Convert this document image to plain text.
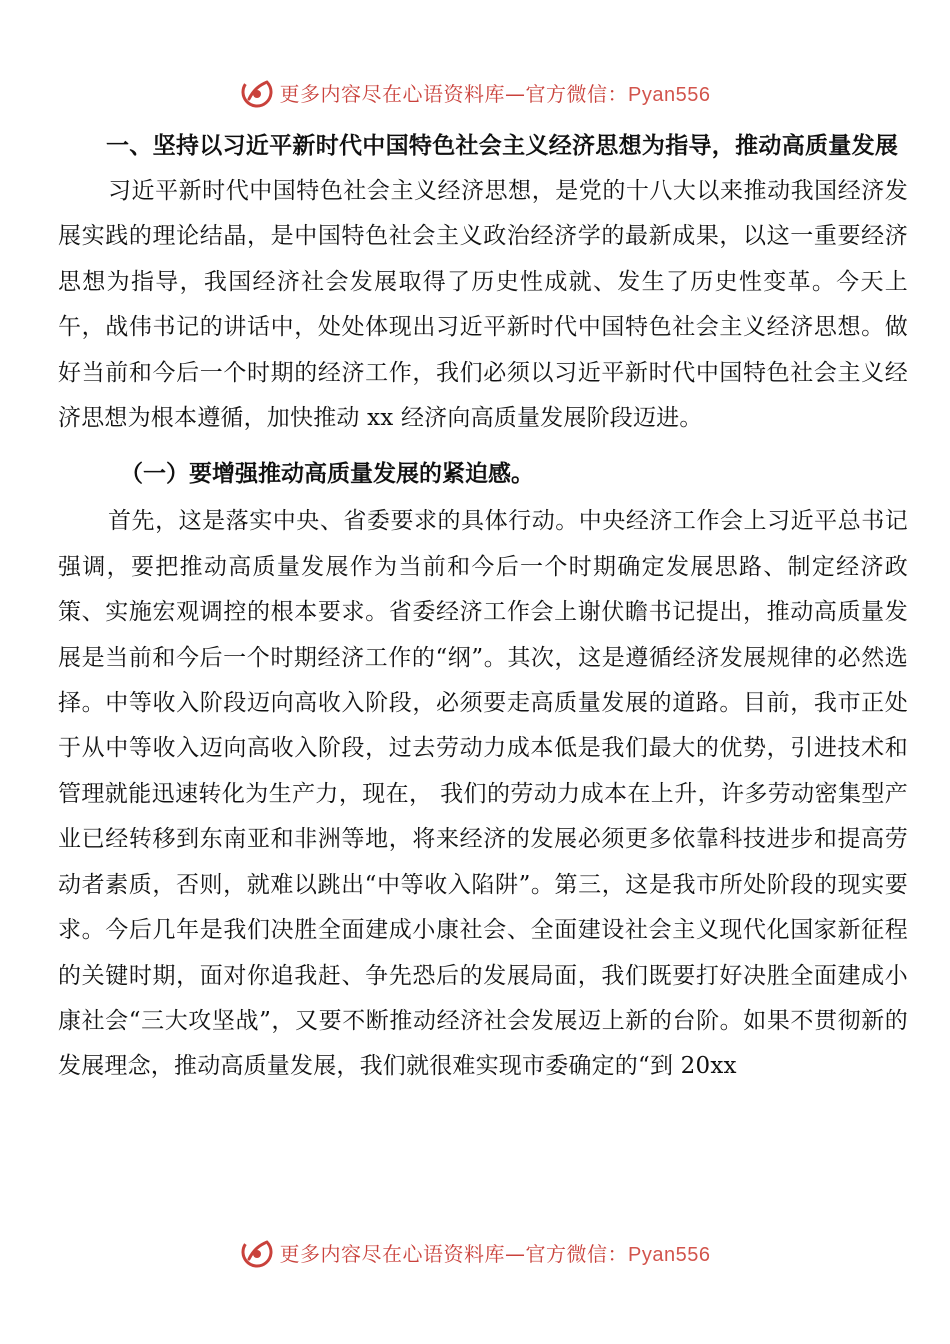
更多内容尽在心语资料库—官方微信：Pyan556

一、坚持以习近平新时代中国特色社会主义经济思想为指导，推动高质量发展

习近平新时代中国特色社会主义经济思想，是党的十八大以来推动我国经济发展实践的理论结晶，是中国特色社会主义政治经济学的最新成果，以这一重要经济思想为指导，我国经济社会发展取得了历史性成就、发生了历史性变革。今天上午，战伟书记的讲话中，处处体现出习近平新时代中国特色社会主义经济思想。做好当前和今后一个时期的经济工作，我们必须以习近平新时代中国特色社会主义经济思想为根本遵循，加快推动 xx 经济向高质量发展阶段迈进。

（一）要增强推动高质量发展的紧迫感。

首先，这是落实中央、省委要求的具体行动。中央经济工作会上习近平总书记强调，要把推动高质量发展作为当前和今后一个时期确定发展思路、制定经济政策、实施宏观调控的根本要求。省委经济工作会上谢伏瞻书记提出，推动高质量发展是当前和今后一个时期经济工作的“纲”。其次，这是遵循经济发展规律的必然选择。中等收入阶段迈向高收入阶段，必须要走高质量发展的道路。目前，我市正处于从中等收入迈向高收入阶段，过去劳动力成本低是我们最大的优势，引进技术和管理就能迅速转化为生产力，现在， 我们的劳动力成本在上升，许多劳动密集型产业已经转移到东南亚和非洲等地，将来经济的发展必须更多依靠科技进步和提高劳动者素质，否则，就难以跳出“中等收入陷阱”。第三，这是我市所处阶段的现实要求。今后几年是我们决胜全面建成小康社会、全面建设社会主义现代化国家新征程的关键时期，面对你追我赶、争先恐后的发展局面，我们既要打好决胜全面建成小康社会“三大攻坚战”，又要不断推动经济社会发展迈上新的台阶。如果不贯彻新的发展理念，推动高质量发展，我们就很难实现市委确定的“到 20xx

更多内容尽在心语资料库—官方微信：Pyan556
